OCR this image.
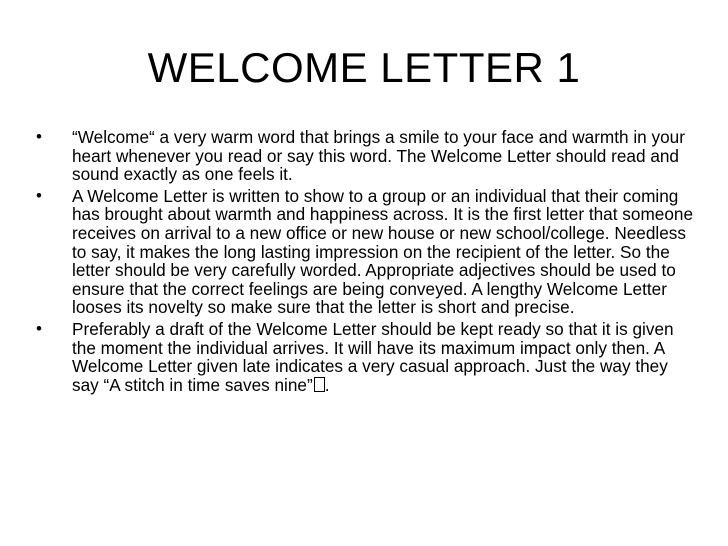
WELCOME LETTER 1
•	“Welcome“ a very warm word that brings a smile to your face and warmth in your heart whenever you read or say this word. The Welcome Letter should read and sound exactly as one feels it.
•	A Welcome Letter is written to show to a group or an individual that their coming has brought about warmth and happiness across. It is the first letter that someone receives on arrival to a new office or new house or new school/college. Needless to say, it makes the long lasting impression on the recipient of the letter. So the letter should be very carefully worded. Appropriate adjectives should be used to ensure that the correct feelings are being conveyed. A lengthy Welcome Letter looses its novelty so make sure that the letter is short and precise.
•	Preferably a draft of the Welcome Letter should be kept ready so that it is given the moment the individual arrives. It will have its maximum impact only then. A Welcome Letter given late indicates a very casual approach. Just the way they say “A stitch in time saves nine” .
